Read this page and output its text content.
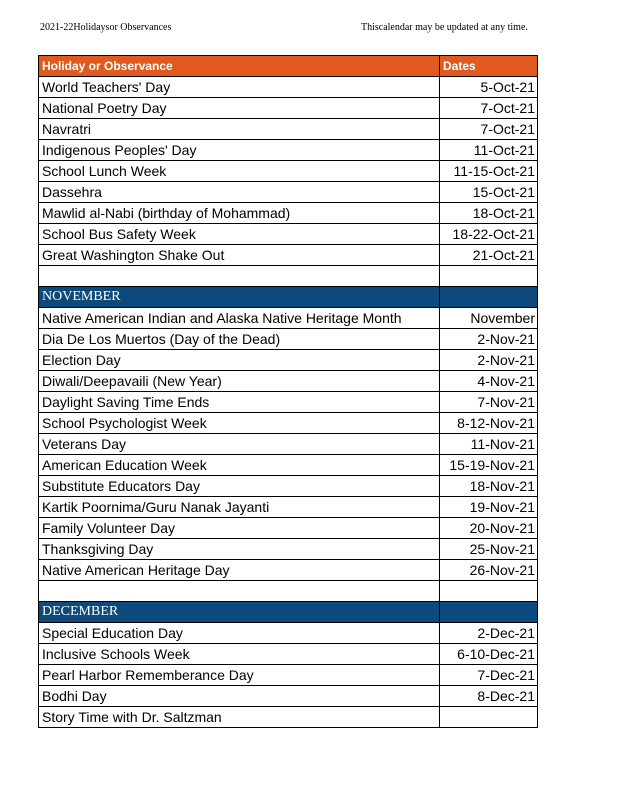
2021-22Holidaysor Observances	Thiscalendar may be updated at any time.
Holiday or Observance	Dates
World Teachers' Day	5-Oct-21
National Poetry Day	7-Oct-21
Navratri	7-Oct-21
Indigenous Peoples' Day	11-Oct-21
School Lunch Week	11-15-Oct-21
Dassehra	15-Oct-21
Mawlid al-Nabi (birthday of Mohammad)	18-Oct-21
School Bus Safety Week	18-22-Oct-21
Great Washington Shake Out	21-Oct-21

NOVEMBER	
Native American Indian and Alaska Native Heritage Month	November
Dia De Los Muertos (Day of the Dead)	2-Nov-21
Election Day	2-Nov-21
Diwali/Deepavaili (New Year)	4-Nov-21
Daylight Saving Time Ends	7-Nov-21
School Psychologist Week	8-12-Nov-21
Veterans Day	11-Nov-21
American Education Week	15-19-Nov-21
Substitute Educators Day	18-Nov-21
Kartik Poornima/Guru Nanak Jayanti	19-Nov-21
Family Volunteer Day	20-Nov-21
Thanksgiving Day	25-Nov-21
Native American Heritage Day	26-Nov-21

DECEMBER	
Special Education Day	2-Dec-21
Inclusive Schools Week	6-10-Dec-21
Pearl Harbor Rememberance Day	7-Dec-21
Bodhi Day	8-Dec-21
Story Time with Dr. Saltzman	
